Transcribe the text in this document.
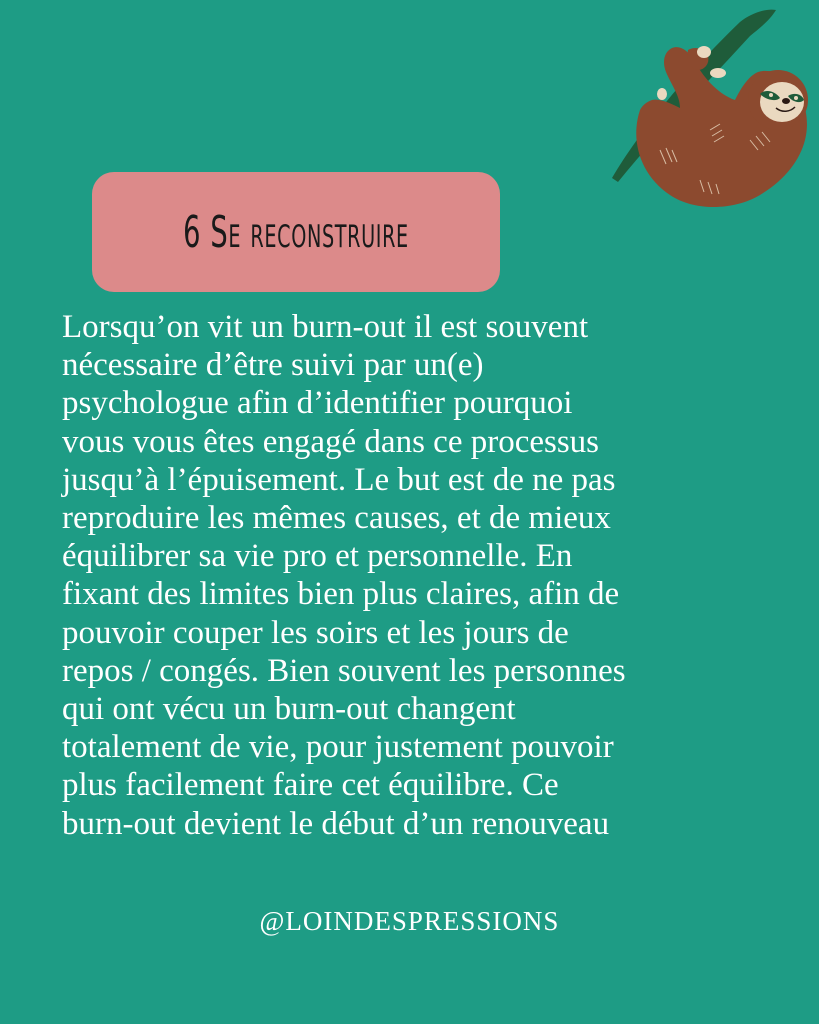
6 Se reconstruire
Lorsqu’on vit un burn-out il est souvent
nécessaire d’être suivi par un(e)
psychologue afin d’identifier pourquoi
vous vous êtes engagé dans ce processus
jusqu’à l’épuisement. Le but est de ne pas
reproduire les mêmes causes, et de mieux
équilibrer sa vie pro et personnelle. En
fixant des limites bien plus claires, afin de
pouvoir couper les soirs et les jours de
repos / congés. Bien souvent les personnes
qui ont vécu un burn-out changent
totalement de vie, pour justement pouvoir
plus facilement faire cet équilibre. Ce
burn-out devient le début d’un renouveau
@LOINDESPRESSIONS
